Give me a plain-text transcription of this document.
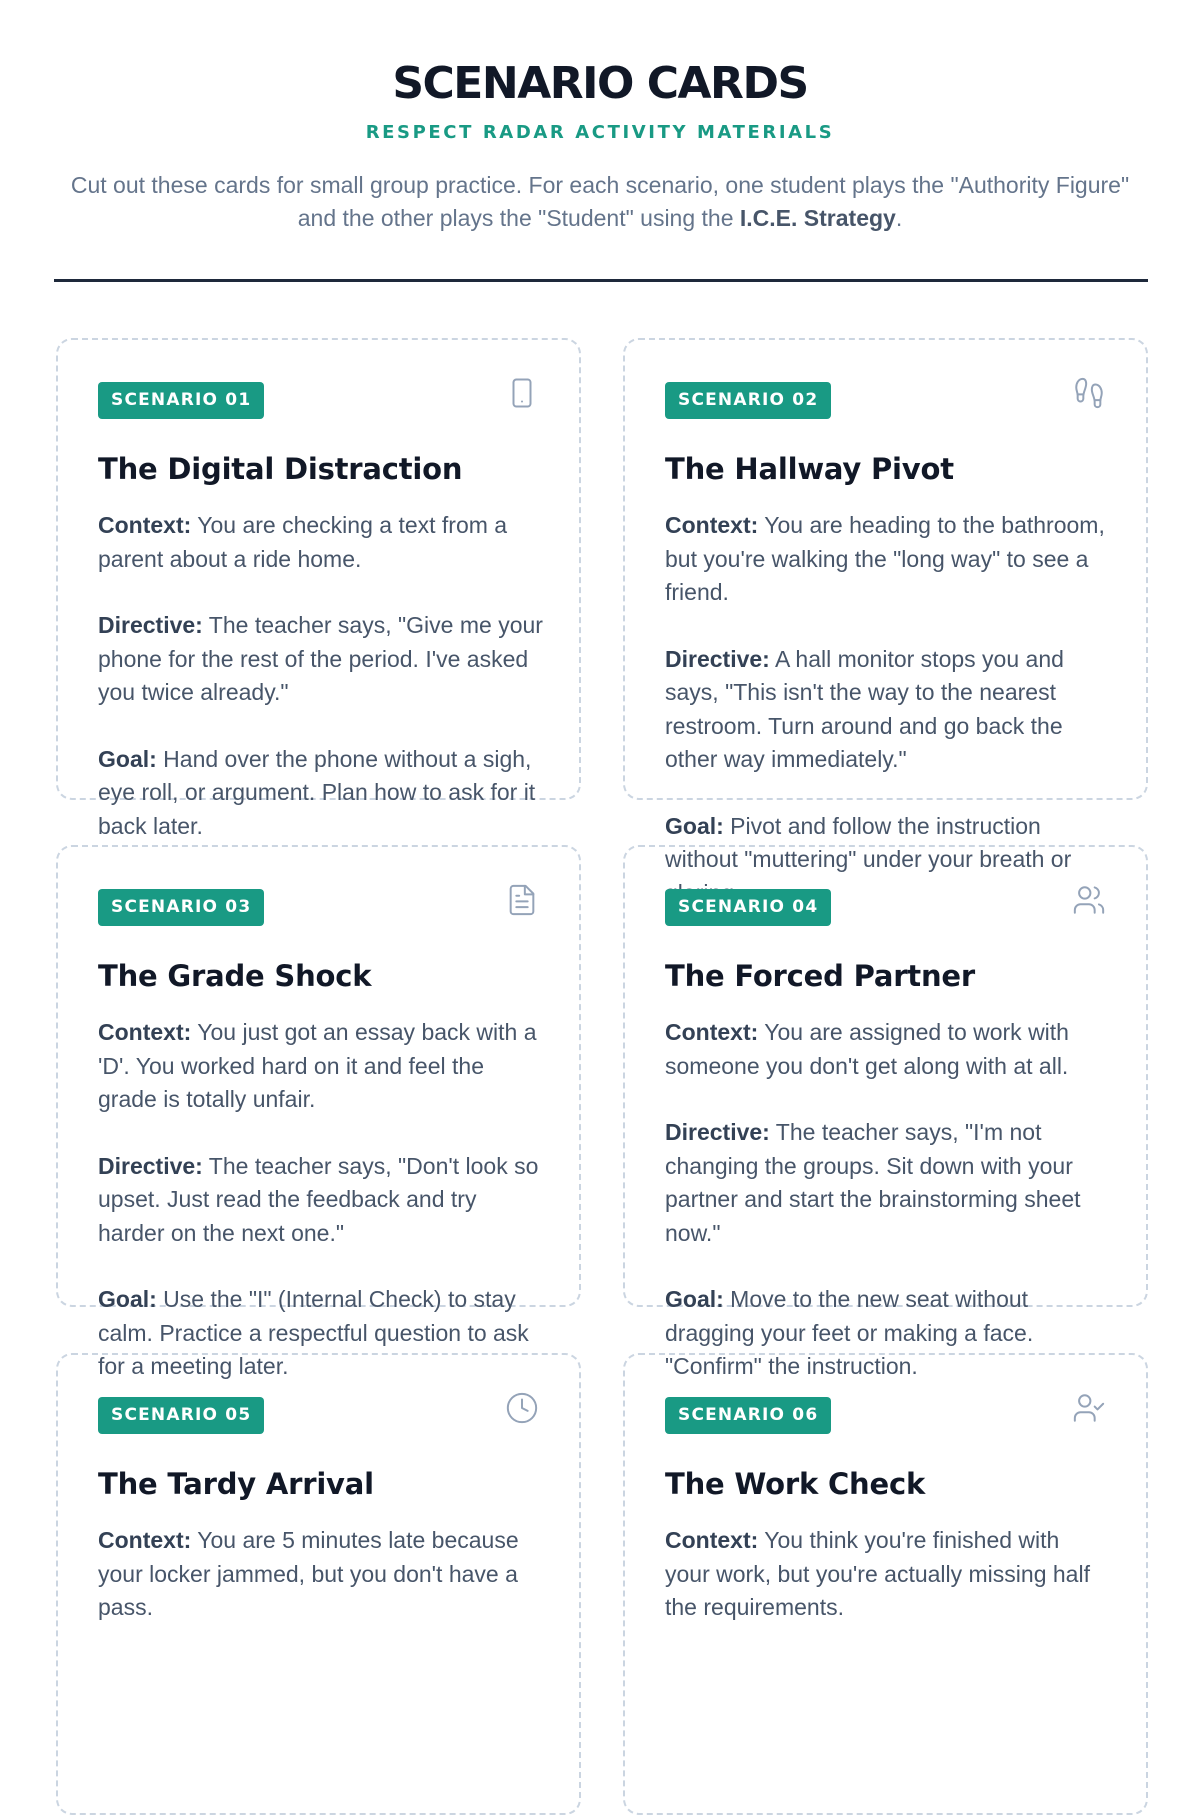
SCENARIO CARDS
RESPECT RADAR ACTIVITY MATERIALS

Cut out these cards for small group practice. For each scenario, one student plays the "Authority Figure" and the other plays the "Student" using the I.C.E. Strategy.

SCENARIO 01
The Digital Distraction

Context: You are checking a text from a parent about a ride home.

Directive: The teacher says, "Give me your phone for the rest of the period. I've asked you twice already."

Goal: Hand over the phone without a sigh, eye roll, or argument. Plan how to ask for it back later.

SCENARIO 02
The Hallway Pivot

Context: You are heading to the bathroom, but you're walking the "long way" to see a friend.

Directive: A hall monitor stops you and says, "This isn't the way to the nearest restroom. Turn around and go back the other way immediately."

Goal: Pivot and follow the instruction without "muttering" under your breath or

SCENARIO 03
The Grade Shock

Context: You just got an essay back with a 'D'. You worked hard on it and feel the grade is totally unfair.

Directive: The teacher says, "Don't look so upset. Just read the feedback and try harder on the next one."

Goal: Use the "I" (Internal Check) to stay calm. Practice a respectful question to ask for a meeting later.

SCENARIO 04
The Forced Partner

Context: You are assigned to work with someone you don't get along with at all.

Directive: The teacher says, "I'm not changing the groups. Sit down with your partner and start the brainstorming sheet now."

Goal: Move to the new seat without dragging your feet or making a face. "Confirm" the instruction.

SCENARIO 05
The Tardy Arrival

Context: You are 5 minutes late because your locker jammed, but you don't have a pass.

SCENARIO 06
The Work Check

Context: You think you're finished with your work, but you're actually missing half the requirements.
